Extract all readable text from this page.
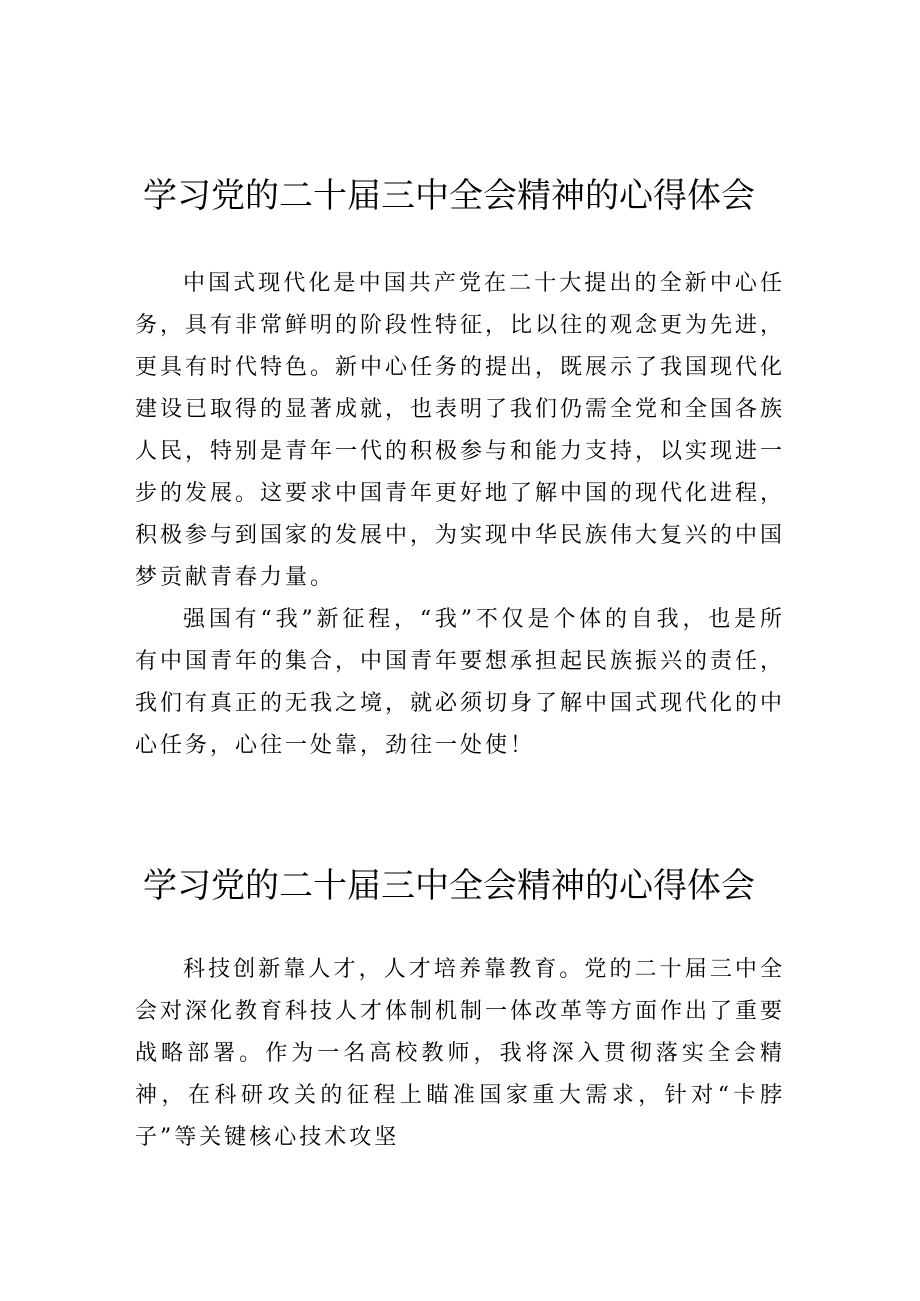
学习党的二十届三中全会精神的心得体会

中国式现代化是中国共产党在二十大提出的全新中心任务，具有非常鲜明的阶段性特征，比以往的观念更为先进，更具有时代特色。新中心任务的提出，既展示了我国现代化建设已取得的显著成就，也表明了我们仍需全党和全国各族人民，特别是青年一代的积极参与和能力支持，以实现进一步的发展。这要求中国青年更好地了解中国的现代化进程，积极参与到国家的发展中，为实现中华民族伟大复兴的中国梦贡献青春力量。

强国有“我”新征程，“我”不仅是个体的自我，也是所有中国青年的集合，中国青年要想承担起民族振兴的责任，我们有真正的无我之境，就必须切身了解中国式现代化的中心任务，心往一处靠，劲往一处使！

学习党的二十届三中全会精神的心得体会

科技创新靠人才，人才培养靠教育。党的二十届三中全会对深化教育科技人才体制机制一体改革等方面作出了重要战略部署。作为一名高校教师，我将深入贯彻落实全会精神，在科研攻关的征程上瞄准国家重大需求，针对“卡脖子”等关键核心技术攻坚
